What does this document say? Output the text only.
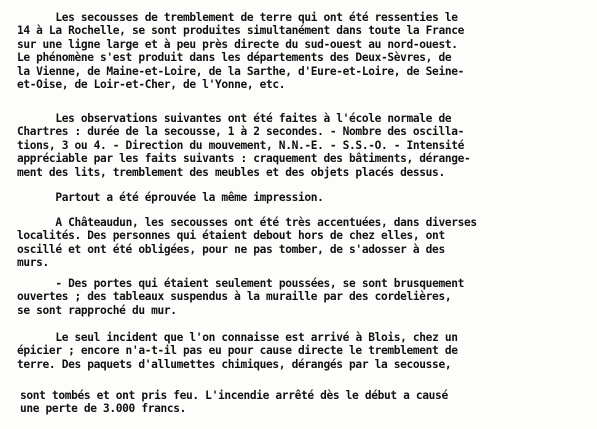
Les secousses de tremblement de terre qui ont été ressenties le
14 à La Rochelle, se sont produites simultanément dans toute la France
sur une ligne large et à peu près directe du sud-ouest au nord-ouest.
Le phénomène s'est produit dans les départements des Deux-Sèvres, de
la Vienne, de Maine-et-Loire, de la Sarthe, d'Eure-et-Loire, de Seine-
et-Oise, de Loir-et-Cher, de l'Yonne, etc.

Les observations suivantes ont été faites à l'école normale de
Chartres : durée de la secousse, 1 à 2 secondes. - Nombre des oscilla-
tions, 3 ou 4. - Direction du mouvement, N.N.-E. - S.S.-O. - Intensité
appréciable par les faits suivants : craquement des bâtiments, dérange-
ment des lits, tremblement des meubles et des objets placés dessus.

Partout a été éprouvée la même impression.

A Châteaudun, les secousses ont été très accentuées, dans diverses
localités. Des personnes qui étaient debout hors de chez elles, ont
oscillé et ont été obligées, pour ne pas tomber, de s'adosser à des
murs.

- Des portes qui étaient seulement poussées, se sont brusquement
ouvertes ; des tableaux suspendus à la muraille par des cordelières,
se sont rapproché du mur.

Le seul incident que l'on connaisse est arrivé à Blois, chez un
épicier ; encore n'a-t-il pas eu pour cause directe le tremblement de
terre. Des paquets d'allumettes chimiques, dérangés par la secousse,

sont tombés et ont pris feu. L'incendie arrêté dès le début a causé
une perte de 3.000 francs.
